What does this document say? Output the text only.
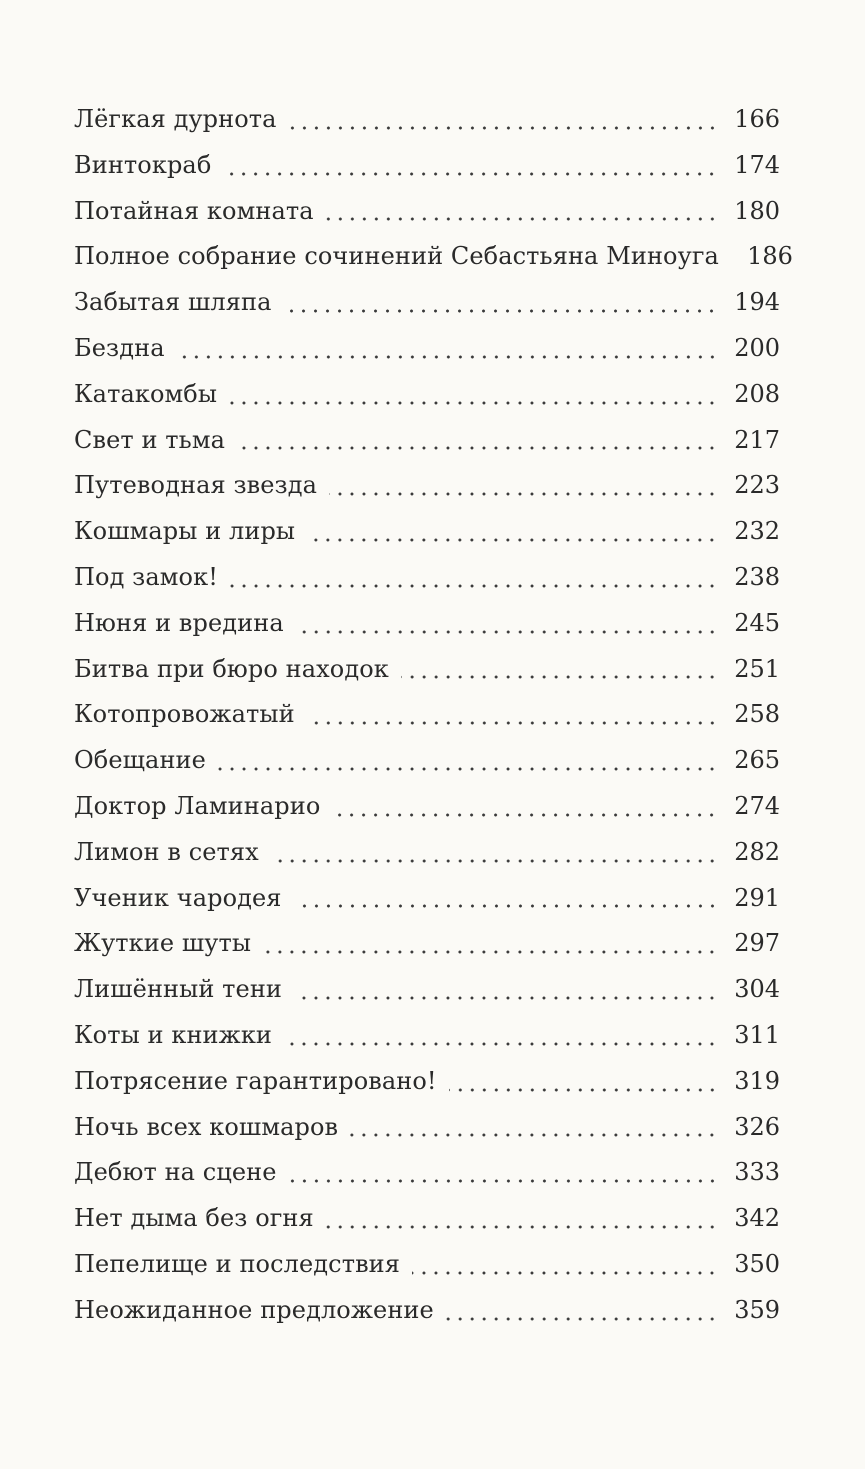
Лёгкая дурнота	166
Винтокраб	174
Потайная комната	180
Полное собрание сочинений Себастьяна Миноуга 186
Забытая шляпа	194
Бездна	200
Катакомбы	208
Свет и тьма	217
Путеводная звезда	223
Кошмары и лиры	232
Под замок!	238
Нюня и вредина	245
Битва при бюро находок	251
Котопровожатый	258
Обещание	265
Доктор Ламинарио	274
Лимон в сетях	282
Ученик чародея	291
Жуткие шуты	297
Лишённый тени	304
Коты и книжки	311
Потрясение гарантировано!	319
Ночь всех кошмаров	326
Дебют на сцене	333
Нет дыма без огня	342
Пепелище и последствия	350
Неожиданное предложение	359
